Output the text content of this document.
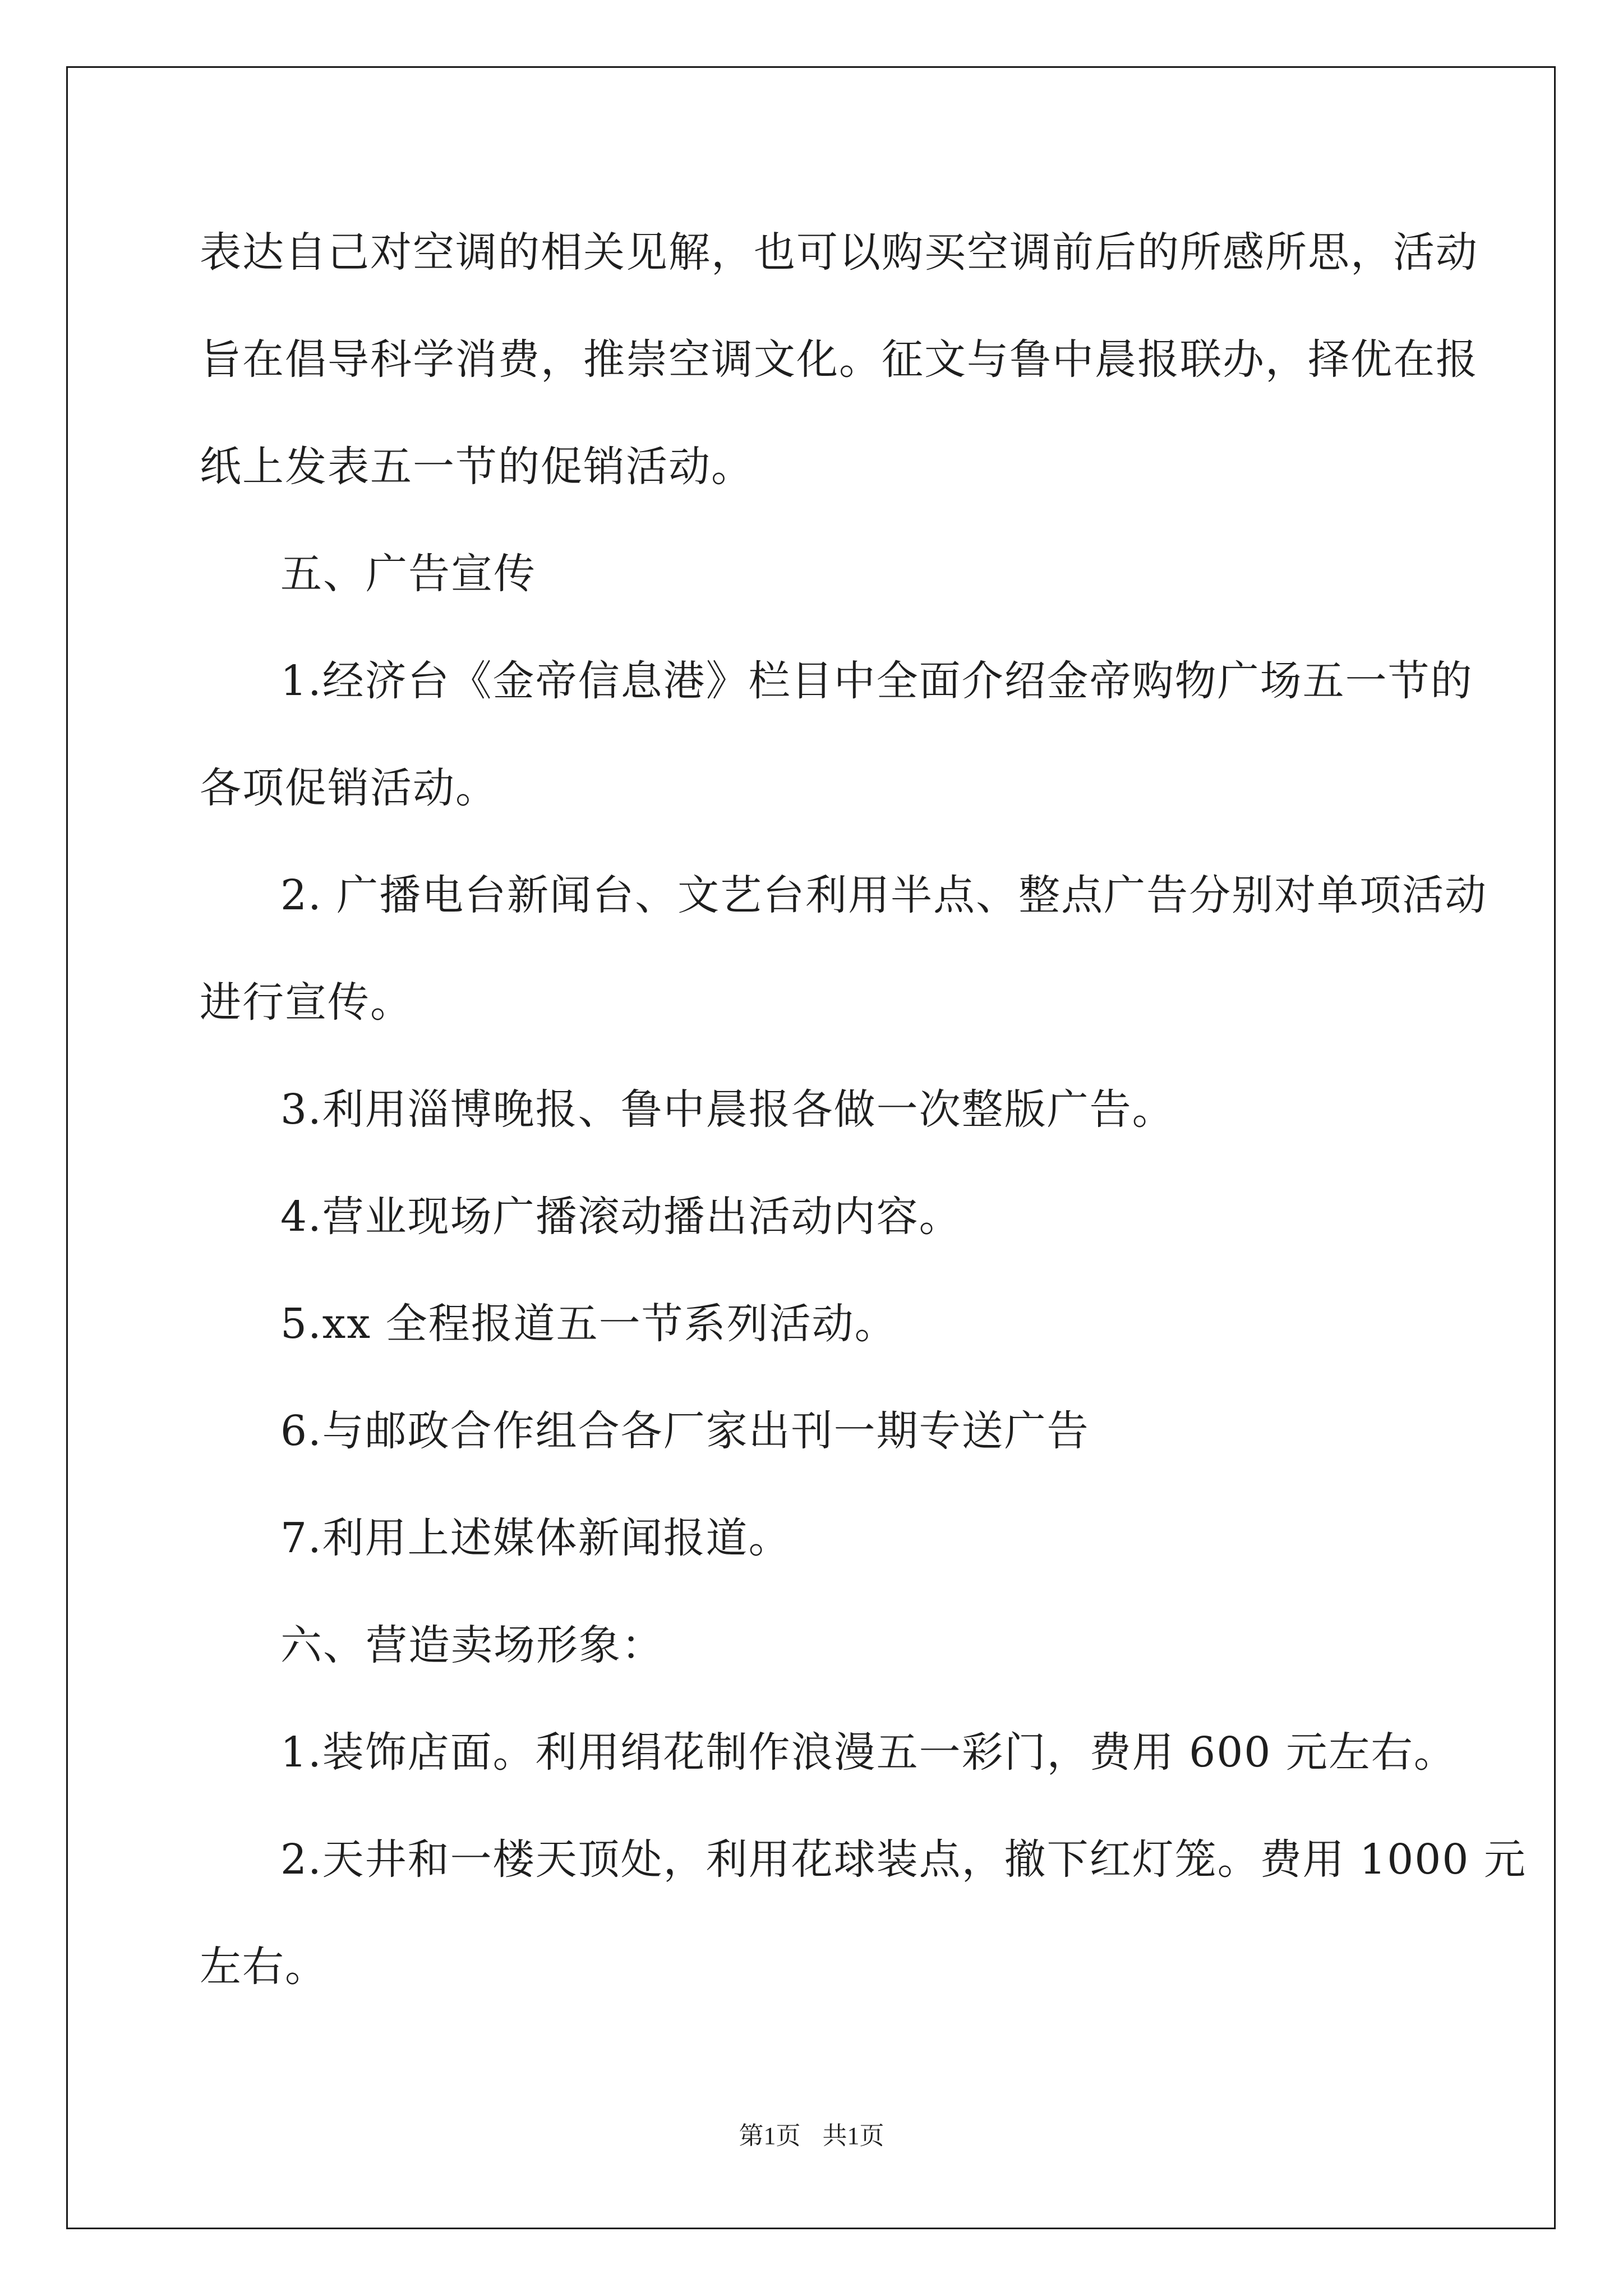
表达自己对空调的相关见解，也可以购买空调前后的所感所思，活动
旨在倡导科学消费，推崇空调文化。征文与鲁中晨报联办，择优在报
纸上发表五一节的促销活动。
五、广告宣传
1.经济台《金帝信息港》栏目中全面介绍金帝购物广场五一节的
各项促销活动。
2. 广播电台新闻台、文艺台利用半点、整点广告分别对单项活动
进行宣传。
3.利用淄博晚报、鲁中晨报各做一次整版广告。
4.营业现场广播滚动播出活动内容。
5.xx 全程报道五一节系列活动。
6.与邮政合作组合各厂家出刊一期专送广告
7.利用上述媒体新闻报道。
六、营造卖场形象：
1.装饰店面。利用绢花制作浪漫五一彩门，费用 600 元左右。
2.天井和一楼天顶处，利用花球装点，撤下红灯笼。费用 1000 元
左右。
第1页 共1页
